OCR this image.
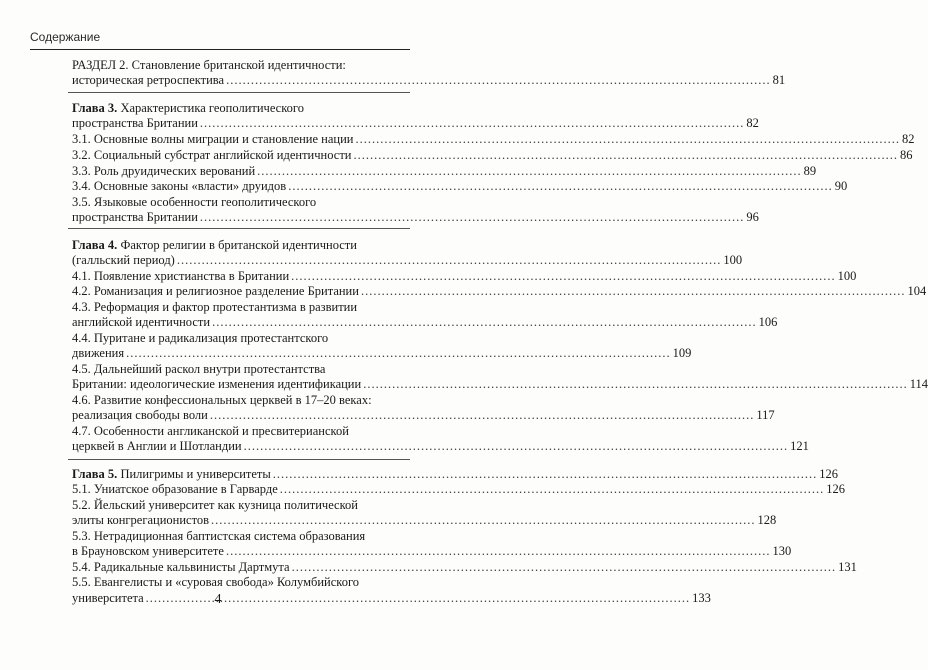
Содержание
РАЗДЕЛ 2. Становление британской идентичности:
историческая ретроспектива .....	81
Глава 3. Характеристика геополитического
пространства Британии .....	82
3.1. Основные волны миграции и становление нации .....	82
3.2. Социальный субстрат английской идентичности .....	86
3.3. Роль друидических верований .....	89
3.4. Основные законы «власти» друидов .....	90
3.5. Языковые особенности геополитического
пространства Британии .....	96
Глава 4. Фактор религии в британской идентичности
(галльский период) .....	100
4.1. Появление христианства в Британии .....	100
4.2. Романизация и религиозное разделение Британии .....	104
4.3. Реформация и фактор протестантизма в развитии
английской идентичности .....	106
4.4. Пуритане и радикализация протестантского
движения .....	109
4.5. Дальнейший раскол внутри протестантства
Британии: идеологические изменения идентификации .....	114
4.6. Развитие конфессиональных церквей в 17–20 веках:
реализация свободы воли .....	117
4.7. Особенности англиканской и пресвитерианской
церквей в Англии и Шотландии .....	121
Глава 5. Пилигримы и университеты .....	126
5.1. Униатское образование в Гарварде .....	126
5.2. Йельский университет как кузница политической
элиты конгрегационистов .....	128
5.3. Нетрадиционная баптистская система образования
в Брауновском университете .....	130
5.4. Радикальные кальвинисты Дартмута .....	131
5.5. Евангелисты и «суровая свобода» Колумбийского
университета .....	133
4
